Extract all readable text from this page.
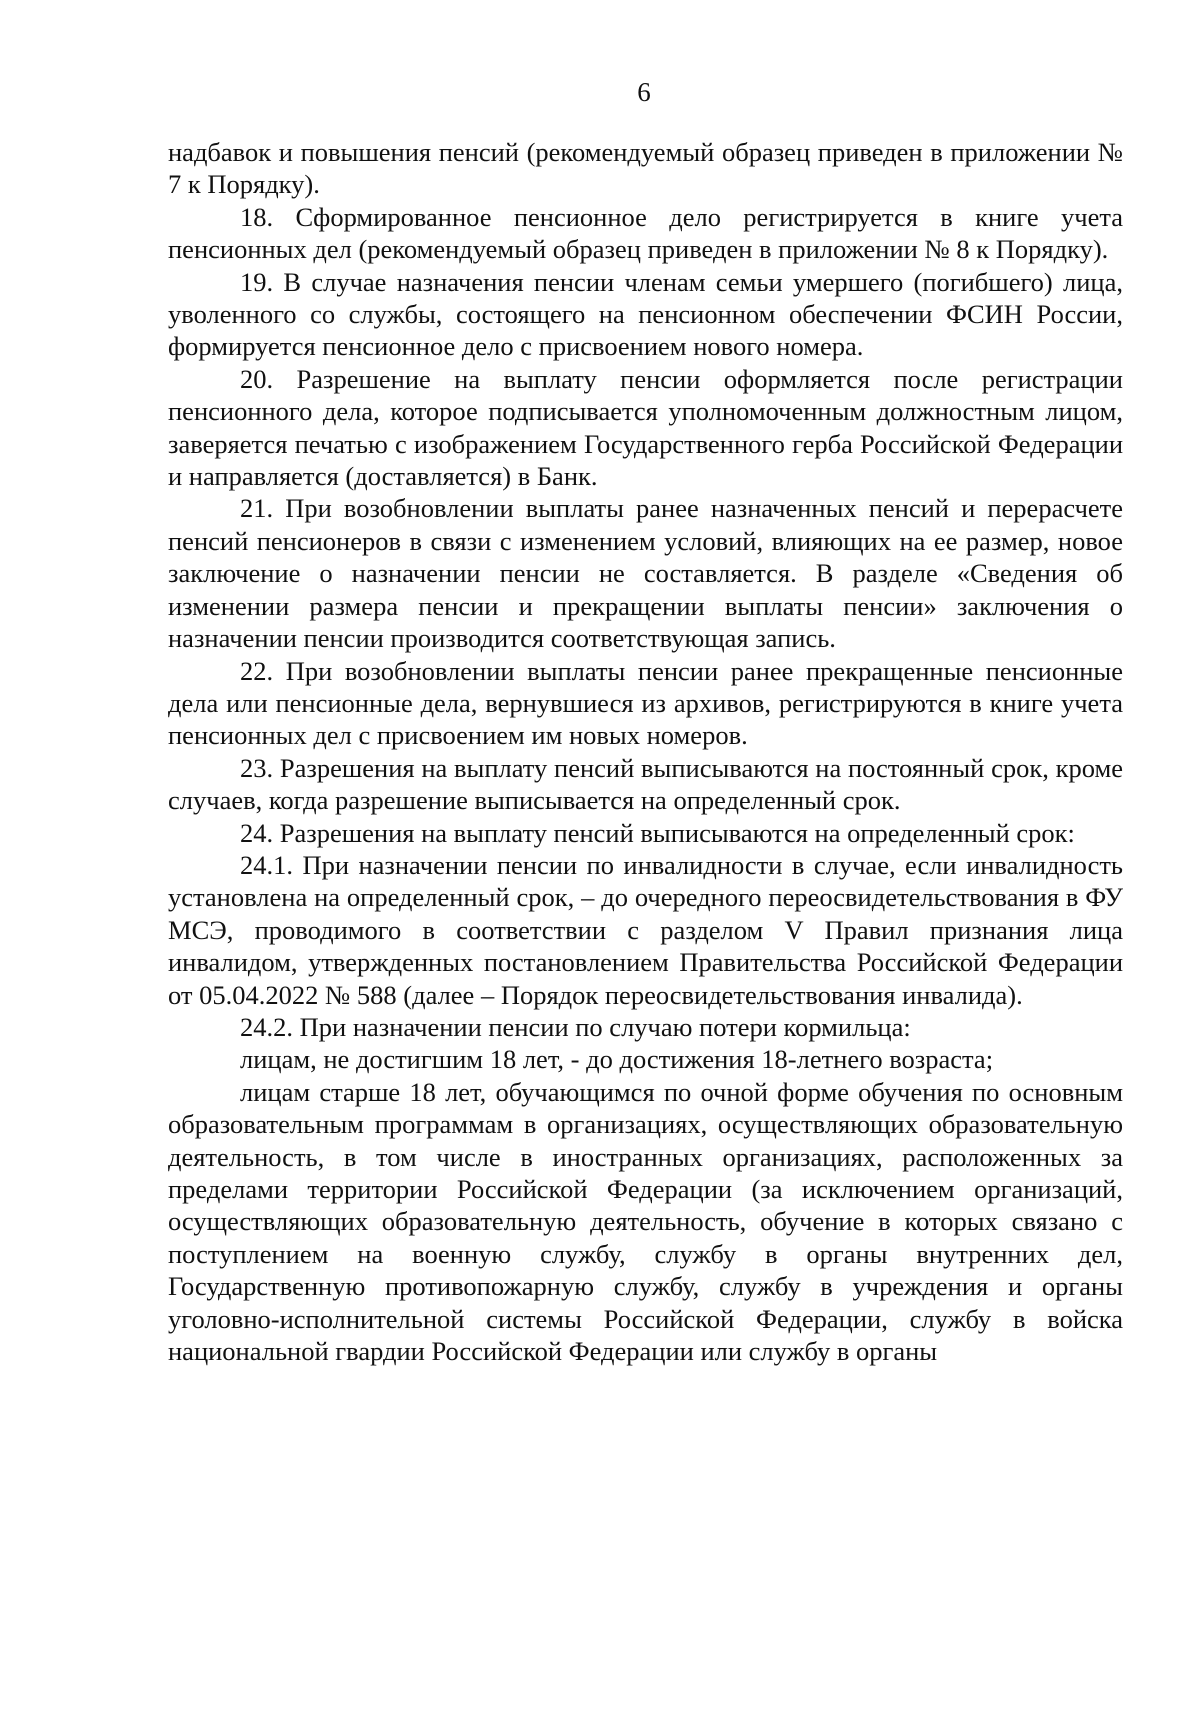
6

надбавок и повышения пенсий (рекомендуемый образец приведен в приложении № 7 к Порядку).

18. Сформированное пенсионное дело регистрируется в книге учета пенсионных дел (рекомендуемый образец приведен в приложении № 8 к Порядку).

19. В случае назначения пенсии членам семьи умершего (погибшего) лица, уволенного со службы, состоящего на пенсионном обеспечении ФСИН России, формируется пенсионное дело с присвоением нового номера.

20. Разрешение на выплату пенсии оформляется после регистрации пенсионного дела, которое подписывается уполномоченным должностным лицом, заверяется печатью с изображением Государственного герба Российской Федерации и направляется (доставляется) в Банк.

21. При возобновлении выплаты ранее назначенных пенсий и перерасчете пенсий пенсионеров в связи с изменением условий, влияющих на ее размер, новое заключение о назначении пенсии не составляется. В разделе «Сведения об изменении размера пенсии и прекращении выплаты пенсии» заключения о назначении пенсии производится соответствующая запись.

22. При возобновлении выплаты пенсии ранее прекращенные пенсионные дела или пенсионные дела, вернувшиеся из архивов, регистрируются в книге учета пенсионных дел с присвоением им новых номеров.

23. Разрешения на выплату пенсий выписываются на постоянный срок, кроме случаев, когда разрешение выписывается на определенный срок.

24. Разрешения на выплату пенсий выписываются на определенный срок:

24.1. При назначении пенсии по инвалидности в случае, если инвалидность установлена на определенный срок, – до очередного переосвидетельствования в ФУ МСЭ, проводимого в соответствии с разделом V Правил признания лица инвалидом, утвержденных постановлением Правительства Российской Федерации от 05.04.2022 № 588 (далее – Порядок переосвидетельствования инвалида).

24.2. При назначении пенсии по случаю потери кормильца:

лицам, не достигшим 18 лет, - до достижения 18-летнего возраста;

лицам старше 18 лет, обучающимся по очной форме обучения по основным образовательным программам в организациях, осуществляющих образовательную деятельность, в том числе в иностранных организациях, расположенных за пределами территории Российской Федерации (за исключением организаций, осуществляющих образовательную деятельность, обучение в которых связано с поступлением на военную службу, службу в органы внутренних дел, Государственную противопожарную службу, службу в учреждения и органы уголовно-исполнительной системы Российской Федерации, службу в войска национальной гвардии Российской Федерации или службу в органы
